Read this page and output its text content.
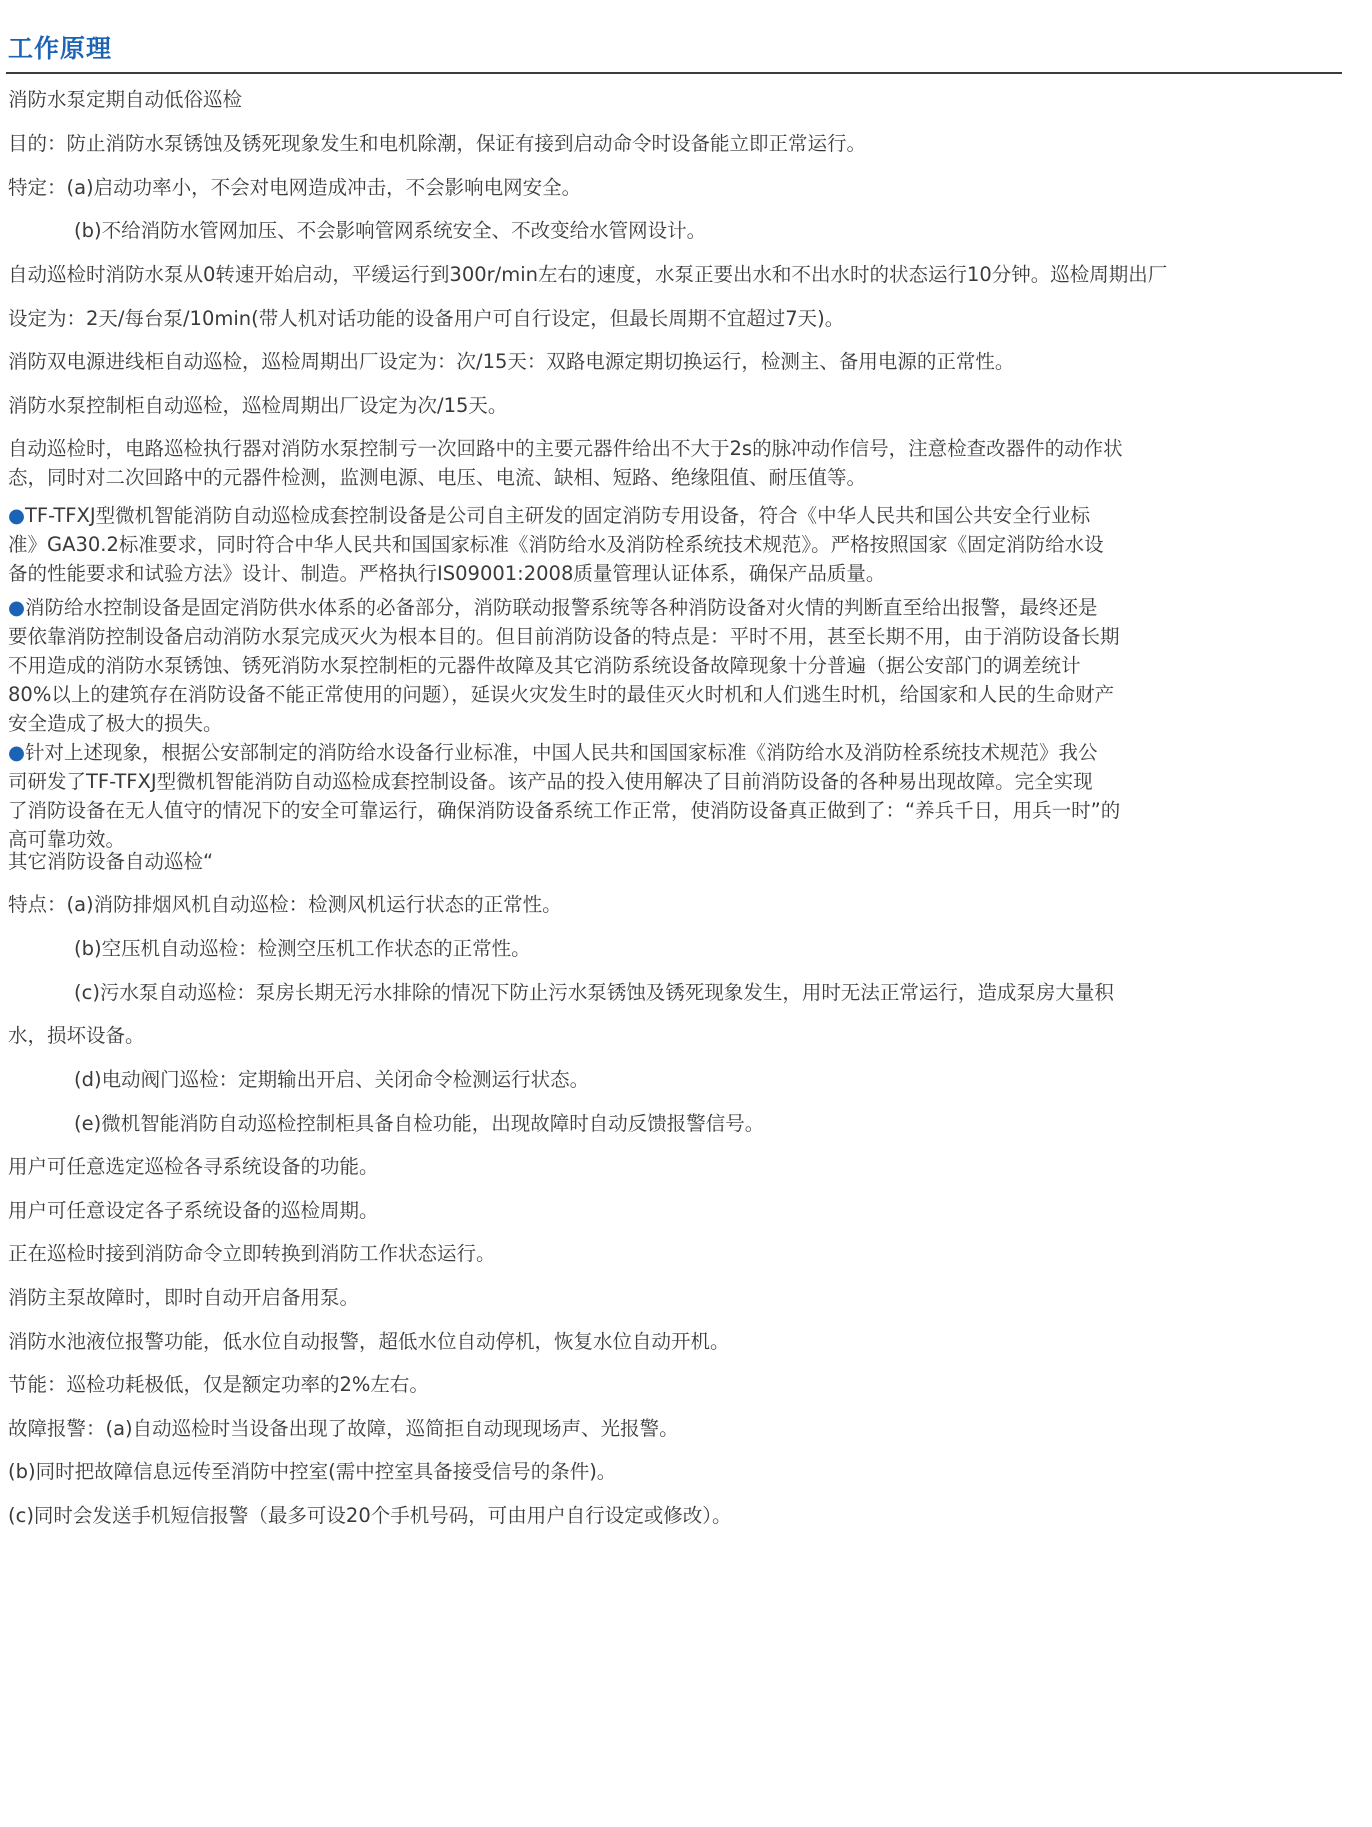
工作原理
消防水泵定期自动低俗巡检
目的：防止消防水泵锈蚀及锈死现象发生和电机除潮，保证有接到启动命令时设备能立即正常运行。
特定：(a)启动功率小，不会对电网造成冲击，不会影响电网安全。
(b)不给消防水管网加压、不会影响管网系统安全、不改变给水管网设计。
自动巡检时消防水泵从0转速开始启动，平缓运行到300r/min左右的速度，水泵正要出水和不出水时的状态运行10分钟。巡检周期出厂
设定为：2天/每台泵/10min(带人机对话功能的设备用户可自行设定，但最长周期不宜超过7天)。
消防双电源进线柜自动巡检，巡检周期出厂设定为：次/15天：双路电源定期切换运行，检测主、备用电源的正常性。
消防水泵控制柜自动巡检，巡检周期出厂设定为次/15天。
自动巡检时，电路巡检执行器对消防水泵控制亏一次回路中的主要元器件给出不大于2s的脉冲动作信号，注意检查改器件的动作状
态，同时对二次回路中的元器件检测，监测电源、电压、电流、缺相、短路、绝缘阻值、耐压值等。
●TF-TFXJ型微机智能消防自动巡检成套控制设备是公司自主研发的固定消防专用设备，符合《中华人民共和国公共安全行业标
准》GA30.2标准要求，同时符合中华人民共和国国家标准《消防给水及消防栓系统技术规范》。严格按照国家《固定消防给水设
备的性能要求和试验方法》设计、制造。严格执行IS09001:2008质量管理认证体系，确保产品质量。
●消防给水控制设备是固定消防供水体系的必备部分，消防联动报警系统等各种消防设备对火情的判断直至给出报警，最终还是
要依靠消防控制设备启动消防水泵完成灭火为根本目的。但目前消防设备的特点是：平时不用，甚至长期不用，由于消防设备长期
不用造成的消防水泵锈蚀、锈死消防水泵控制柜的元器件故障及其它消防系统设备故障现象十分普遍（据公安部门的调差统计
80%以上的建筑存在消防设备不能正常使用的问题），延误火灾发生时的最佳灭火时机和人们逃生时机，给国家和人民的生命财产
安全造成了极大的损失。
●针对上述现象，根据公安部制定的消防给水设备行业标准，中国人民共和国国家标准《消防给水及消防栓系统技术规范》我公
司研发了TF-TFXJ型微机智能消防自动巡检成套控制设备。该产品的投入使用解决了目前消防设备的各种易出现故障。完全实现
了消防设备在无人值守的情况下的安全可靠运行，确保消防设备系统工作正常，使消防设备真正做到了：“养兵千日，用兵一时”的
高可靠功效。
其它消防设备自动巡检“
特点：(a)消防排烟风机自动巡检：检测风机运行状态的正常性。
(b)空压机自动巡检：检测空压机工作状态的正常性。
(c)污水泵自动巡检：泵房长期无污水排除的情况下防止污水泵锈蚀及锈死现象发生，用时无法正常运行，造成泵房大量积
水，损坏设备。
(d)电动阀门巡检：定期输出开启、关闭命令检测运行状态。
(e)微机智能消防自动巡检控制柜具备自检功能，出现故障时自动反馈报警信号。
用户可任意选定巡检各寻系统设备的功能。
用户可任意设定各子系统设备的巡检周期。
正在巡检时接到消防命令立即转换到消防工作状态运行。
消防主泵故障时，即时自动开启备用泵。
消防水池液位报警功能，低水位自动报警，超低水位自动停机，恢复水位自动开机。
节能：巡检功耗极低，仅是额定功率的2%左右。
故障报警：(a)自动巡检时当设备出现了故障，巡简拒自动现现场声、光报警。
(b)同时把故障信息远传至消防中控室(需中控室具备接受信号的条件)。
(c)同时会发送手机短信报警（最多可设20个手机号码，可由用户自行设定或修改）。
